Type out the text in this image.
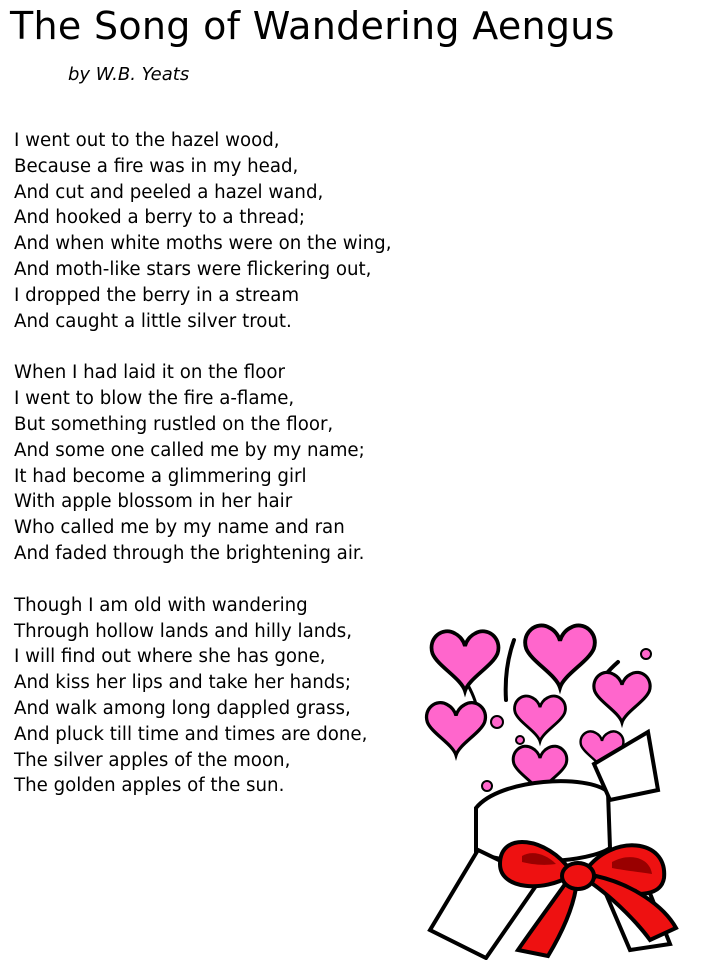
The Song of Wandering Aengus

by W.B. Yeats

I went out to the hazel wood,
Because a fire was in my head,
And cut and peeled a hazel wand,
And hooked a berry to a thread;
And when white moths were on the wing,
And moth-like stars were flickering out,
I dropped the berry in a stream
And caught a little silver trout.
When I had laid it on the floor
I went to blow the fire a-flame,
But something rustled on the floor,
And some one called me by my name;
It had become a glimmering girl
With apple blossom in her hair
Who called me by my name and ran
And faded through the brightening air.
Though I am old with wandering
Through hollow lands and hilly lands,
I will find out where she has gone,
And kiss her lips and take her hands;
And walk among long dappled grass,
And pluck till time and times are done,
The silver apples of the moon,
The golden apples of the sun.
